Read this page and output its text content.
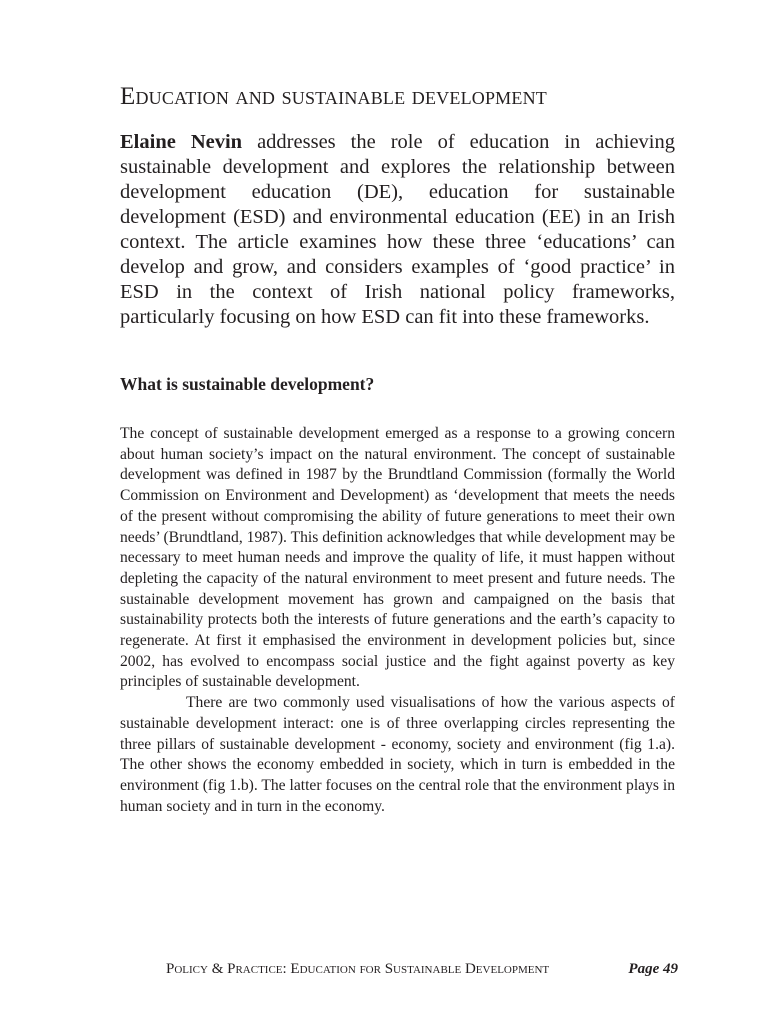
Education and sustainable development

Elaine Nevin addresses the role of education in achieving sustainable development and explores the relationship between development education (DE), education for sustainable development (ESD) and environmental education (EE) in an Irish context. The article examines how these three ‘educations’ can develop and grow, and considers examples of ‘good practice’ in ESD in the context of Irish national policy frameworks, particularly focusing on how ESD can fit into these frameworks.

What is sustainable development?

The concept of sustainable development emerged as a response to a growing concern about human society’s impact on the natural environment. The concept of sustainable development was defined in 1987 by the Brundtland Commission (formally the World Commission on Environment and Development) as ‘development that meets the needs of the present without compromising the ability of future generations to meet their own needs’ (Brundtland, 1987). This definition acknowledges that while development may be necessary to meet human needs and improve the quality of life, it must happen without depleting the capacity of the natural environment to meet present and future needs. The sustainable development movement has grown and campaigned on the basis that sustainability protects both the interests of future generations and the earth’s capacity to regenerate. At first it emphasised the environment in development policies but, since 2002, has evolved to encompass social justice and the fight against poverty as key principles of sustainable development.

There are two commonly used visualisations of how the various aspects of sustainable development interact: one is of three overlapping circles representing the three pillars of sustainable development - economy, society and environment (fig 1.a). The other shows the economy embedded in society, which in turn is embedded in the environment (fig 1.b). The latter focuses on the central role that the environment plays in human society and in turn in the economy.

Policy & Practice: Education for Sustainable Development	Page 49
